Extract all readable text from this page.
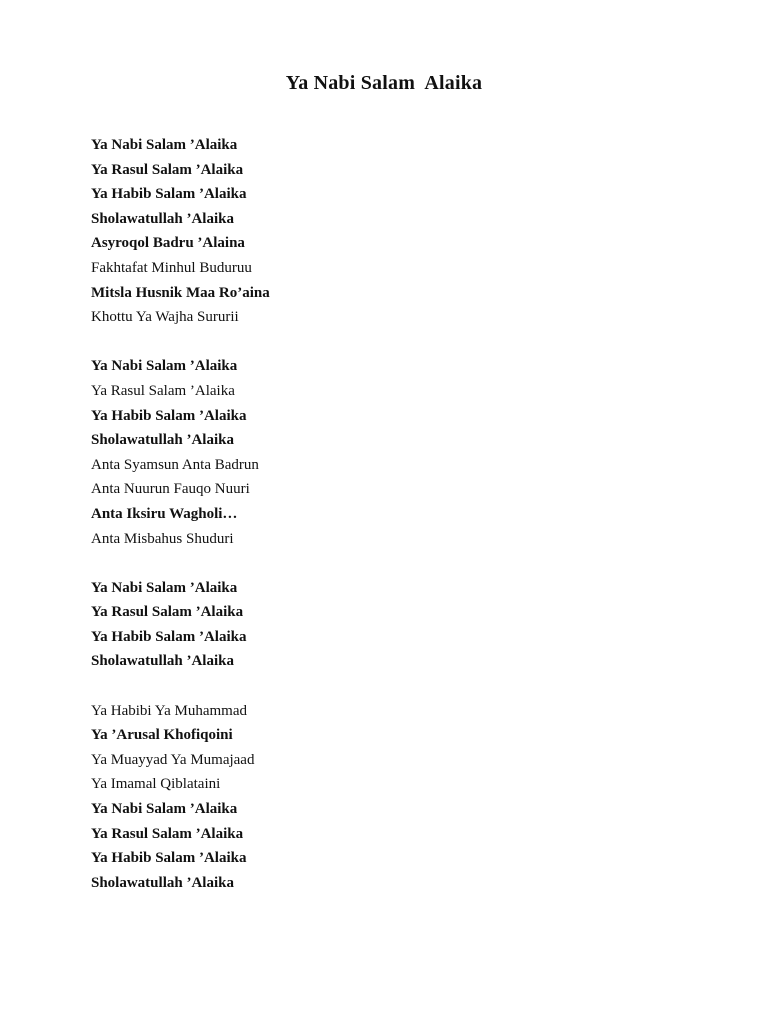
Ya Nabi Salam  Alaika
Ya Nabi Salam ’Alaika
Ya Rasul Salam ’Alaika
Ya Habib Salam ’Alaika
Sholawatullah ’Alaika
Asyroqol Badru ’Alaina
Fakhtafat Minhul Buduruu
Mitsla Husnik Maa Ro’aina
Khottu Ya Wajha Sururii
Ya Nabi Salam ’Alaika
Ya Rasul Salam ’Alaika
Ya Habib Salam ’Alaika
Sholawatullah ’Alaika
Anta Syamsun Anta Badrun
Anta Nuurun Fauqo Nuuri
Anta Iksiru Wagholi…
Anta Misbahus Shuduri
Ya Nabi Salam ’Alaika
Ya Rasul Salam ’Alaika
Ya Habib Salam ’Alaika
Sholawatullah ’Alaika
Ya Habibi Ya Muhammad
Ya ’Arusal Khofiqoini
Ya Muayyad Ya Mumajaad
Ya Imamal Qiblataini
Ya Nabi Salam ’Alaika
Ya Rasul Salam ’Alaika
Ya Habib Salam ’Alaika
Sholawatullah ’Alaika
